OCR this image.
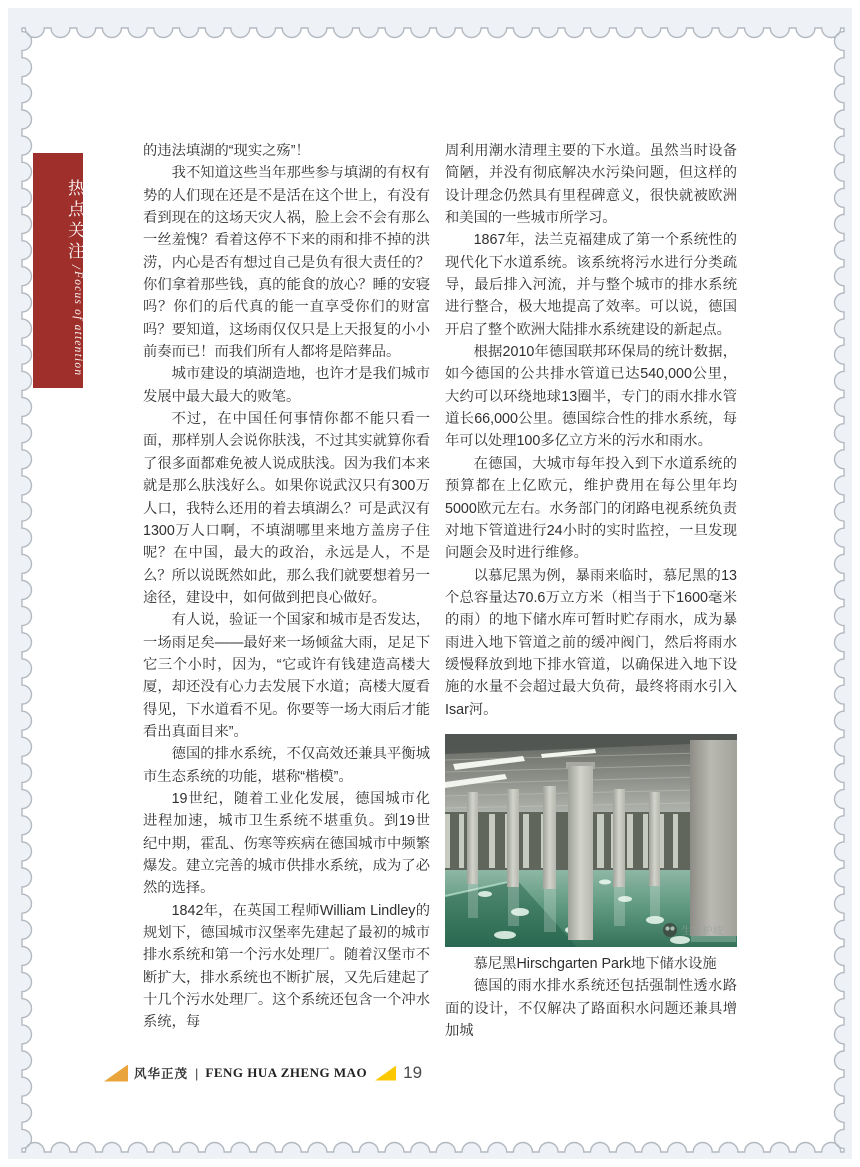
热点关注
/
Focus of attention

的违法填湖的“现实之殇”！

我不知道这些当年那些参与填湖的有权有势的人们现在还是不是活在这个世上，有没有看到现在的这场天灾人祸，脸上会不会有那么一丝羞愧？看着这停不下来的雨和排不掉的洪涝，内心是否有想过自己是负有很大责任的？你们拿着那些钱，真的能食的放心？睡的安寝吗？你们的后代真的能一直享受你们的财富吗？要知道，这场雨仅仅只是上天报复的小小前奏而已！而我们所有人都将是陪葬品。

城市建设的填湖造地，也许才是我们城市发展中最大最大的败笔。

不过，在中国任何事情你都不能只看一面，那样别人会说你肤浅，不过其实就算你看了很多面都难免被人说成肤浅。因为我们本来就是那么肤浅好么。如果你说武汉只有300万人口，我特么还用的着去填湖么？可是武汉有1300万人口啊，不填湖哪里来地方盖房子住呢？在中国，最大的政治，永远是人，不是么？所以说既然如此，那么我们就要想着另一途径，建设中，如何做到把良心做好。

有人说，验证一个国家和城市是否发达，一场雨足矣——最好来一场倾盆大雨，足足下它三个小时，因为，“它或许有钱建造高楼大厦，却还没有心力去发展下水道；高楼大厦看得见，下水道看不见。你要等一场大雨后才能看出真面目来”。

德国的排水系统，不仅高效还兼具平衡城市生态系统的功能，堪称“楷模”。

19世纪，随着工业化发展，德国城市化进程加速，城市卫生系统不堪重负。到19世纪中期，霍乱、伤寒等疾病在德国城市中频繁爆发。建立完善的城市供排水系统，成为了必然的选择。

1842年，在英国工程师William Lindley的规划下，德国城市汉堡率先建起了最初的城市排水系统和第一个污水处理厂。随着汉堡市不断扩大，排水系统也不断扩展，又先后建起了十几个污水处理厂。这个系统还包含一个冲水系统，每

周利用潮水清理主要的下水道。虽然当时设备简陋，并没有彻底解决水污染问题，但这样的设计理念仍然具有里程碑意义，很快就被欧洲和美国的一些城市所学习。

1867年，法兰克福建成了第一个系统性的现代化下水道系统。该系统将污水进行分类疏导，最后排入河流，并与整个城市的排水系统进行整合，极大地提高了效率。可以说，德国开启了整个欧洲大陆排水系统建设的新起点。

根据2010年德国联邦环保局的统计数据，如今德国的公共排水管道已达540,000公里，大约可以环绕地球13圈半，专门的雨水排水管道长66,000公里。德国综合性的排水系统，每年可以处理100多亿立方米的污水和雨水。

在德国，大城市每年投入到下水道系统的预算都在上亿欧元，维护费用在每公里年均5000欧元左右。水务部门的闭路电视系统负责对地下管道进行24小时的实时监控，一旦发现问题会及时进行维修。

以慕尼黑为例，暴雨来临时，慕尼黑的13个总容量达70.6万立方米（相当于下1600毫米的雨）的地下储水库可暂时贮存雨水，成为暴雨进入地下管道之前的缓冲阀门，然后将雨水缓慢释放到地下排水管道，以确保进入地下设施的水量不会超过最大负荷，最终将雨水引入Isar河。

生态护坡

慕尼黑Hirschgarten Park地下储水设施

德国的雨水排水系统还包括强制性透水路面的设计，不仅解决了路面积水问题还兼具增加城

风华正茂 | FENG HUA ZHENG MAO 19
